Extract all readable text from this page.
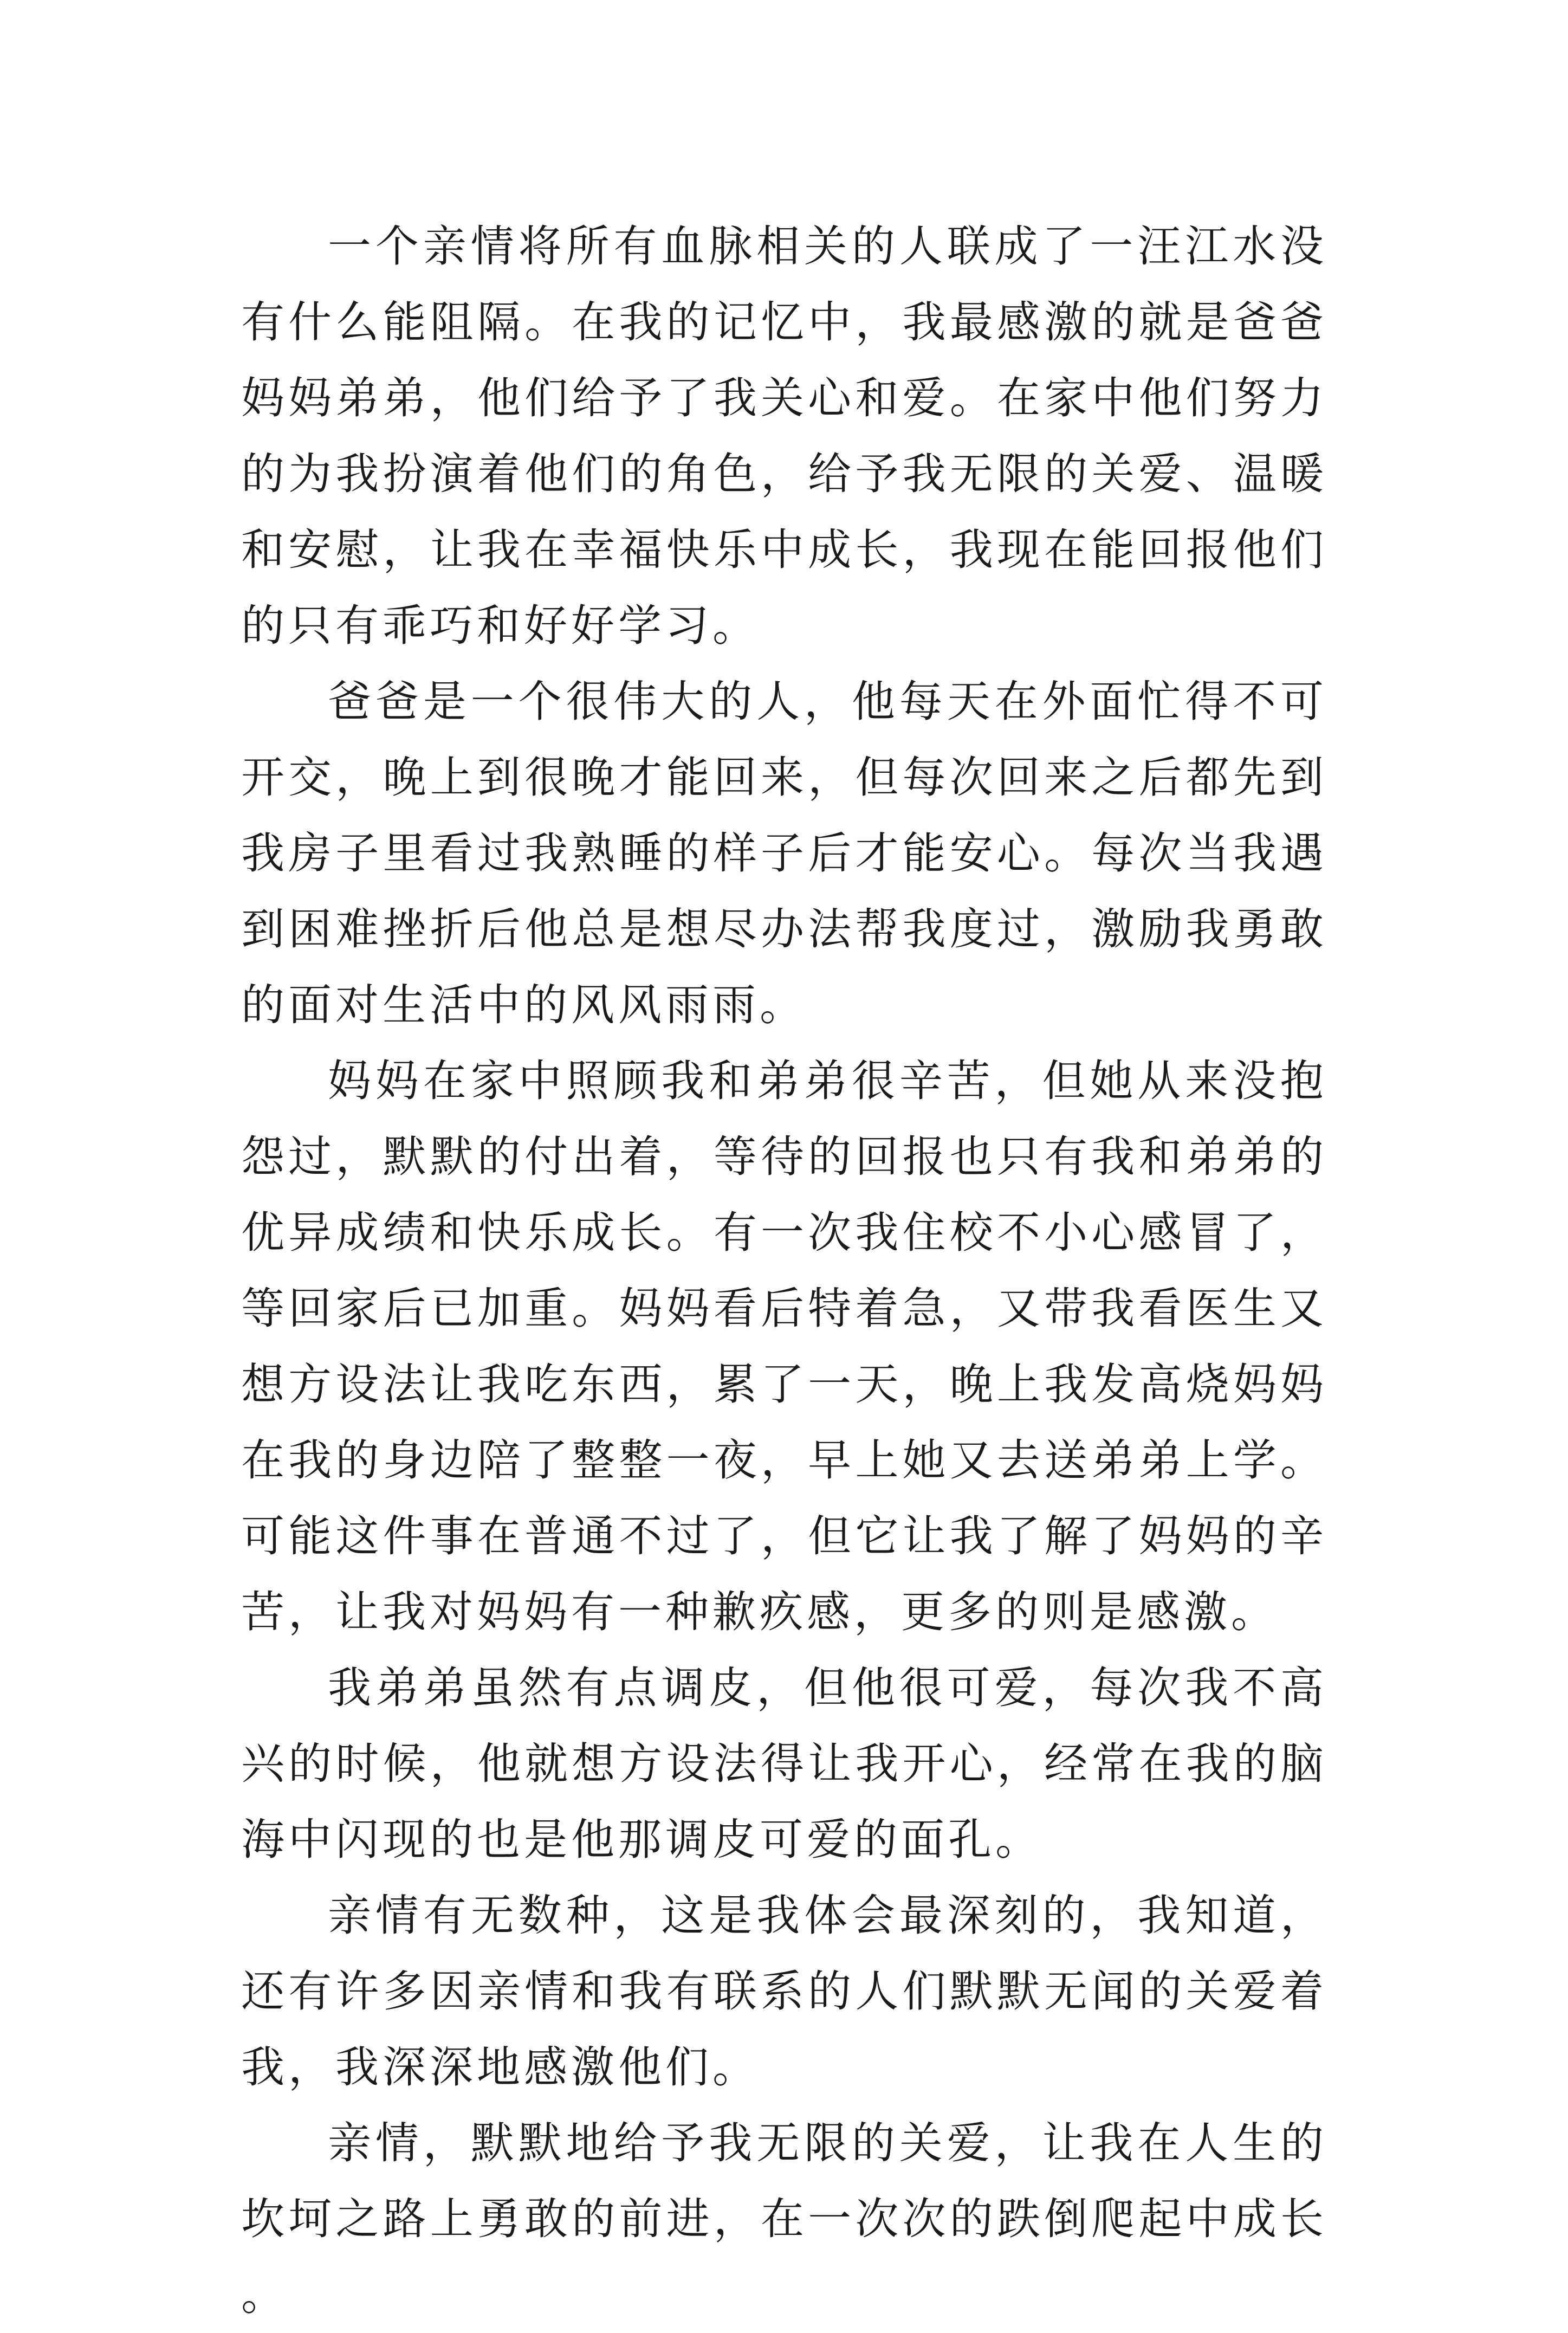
一个亲情将所有血脉相关的人联成了一汪江水没有什么能阻隔。在我的记忆中，我最感激的就是爸爸妈妈弟弟，他们给予了我关心和爱。在家中他们努力的为我扮演着他们的角色，给予我无限的关爱、温暖和安慰，让我在幸福快乐中成长，我现在能回报他们的只有乖巧和好好学习。

爸爸是一个很伟大的人，他每天在外面忙得不可开交，晚上到很晚才能回来，但每次回来之后都先到我房子里看过我熟睡的样子后才能安心。每次当我遇到困难挫折后他总是想尽办法帮我度过，激励我勇敢的面对生活中的风风雨雨。

妈妈在家中照顾我和弟弟很辛苦，但她从来没抱怨过，默默的付出着，等待的回报也只有我和弟弟的优异成绩和快乐成长。有一次我住校不小心感冒了，等回家后已加重。妈妈看后特着急，又带我看医生又想方设法让我吃东西，累了一天，晚上我发高烧妈妈在我的身边陪了整整一夜，早上她又去送弟弟上学。可能这件事在普通不过了，但它让我了解了妈妈的辛苦，让我对妈妈有一种歉疚感，更多的则是感激。

我弟弟虽然有点调皮，但他很可爱，每次我不高兴的时候，他就想方设法得让我开心，经常在我的脑海中闪现的也是他那调皮可爱的面孔。

亲情有无数种，这是我体会最深刻的，我知道，还有许多因亲情和我有联系的人们默默无闻的关爱着我，我深深地感激他们。

亲情，默默地给予我无限的关爱，让我在人生的坎坷之路上勇敢的前进，在一次次的跌倒爬起中成长。
